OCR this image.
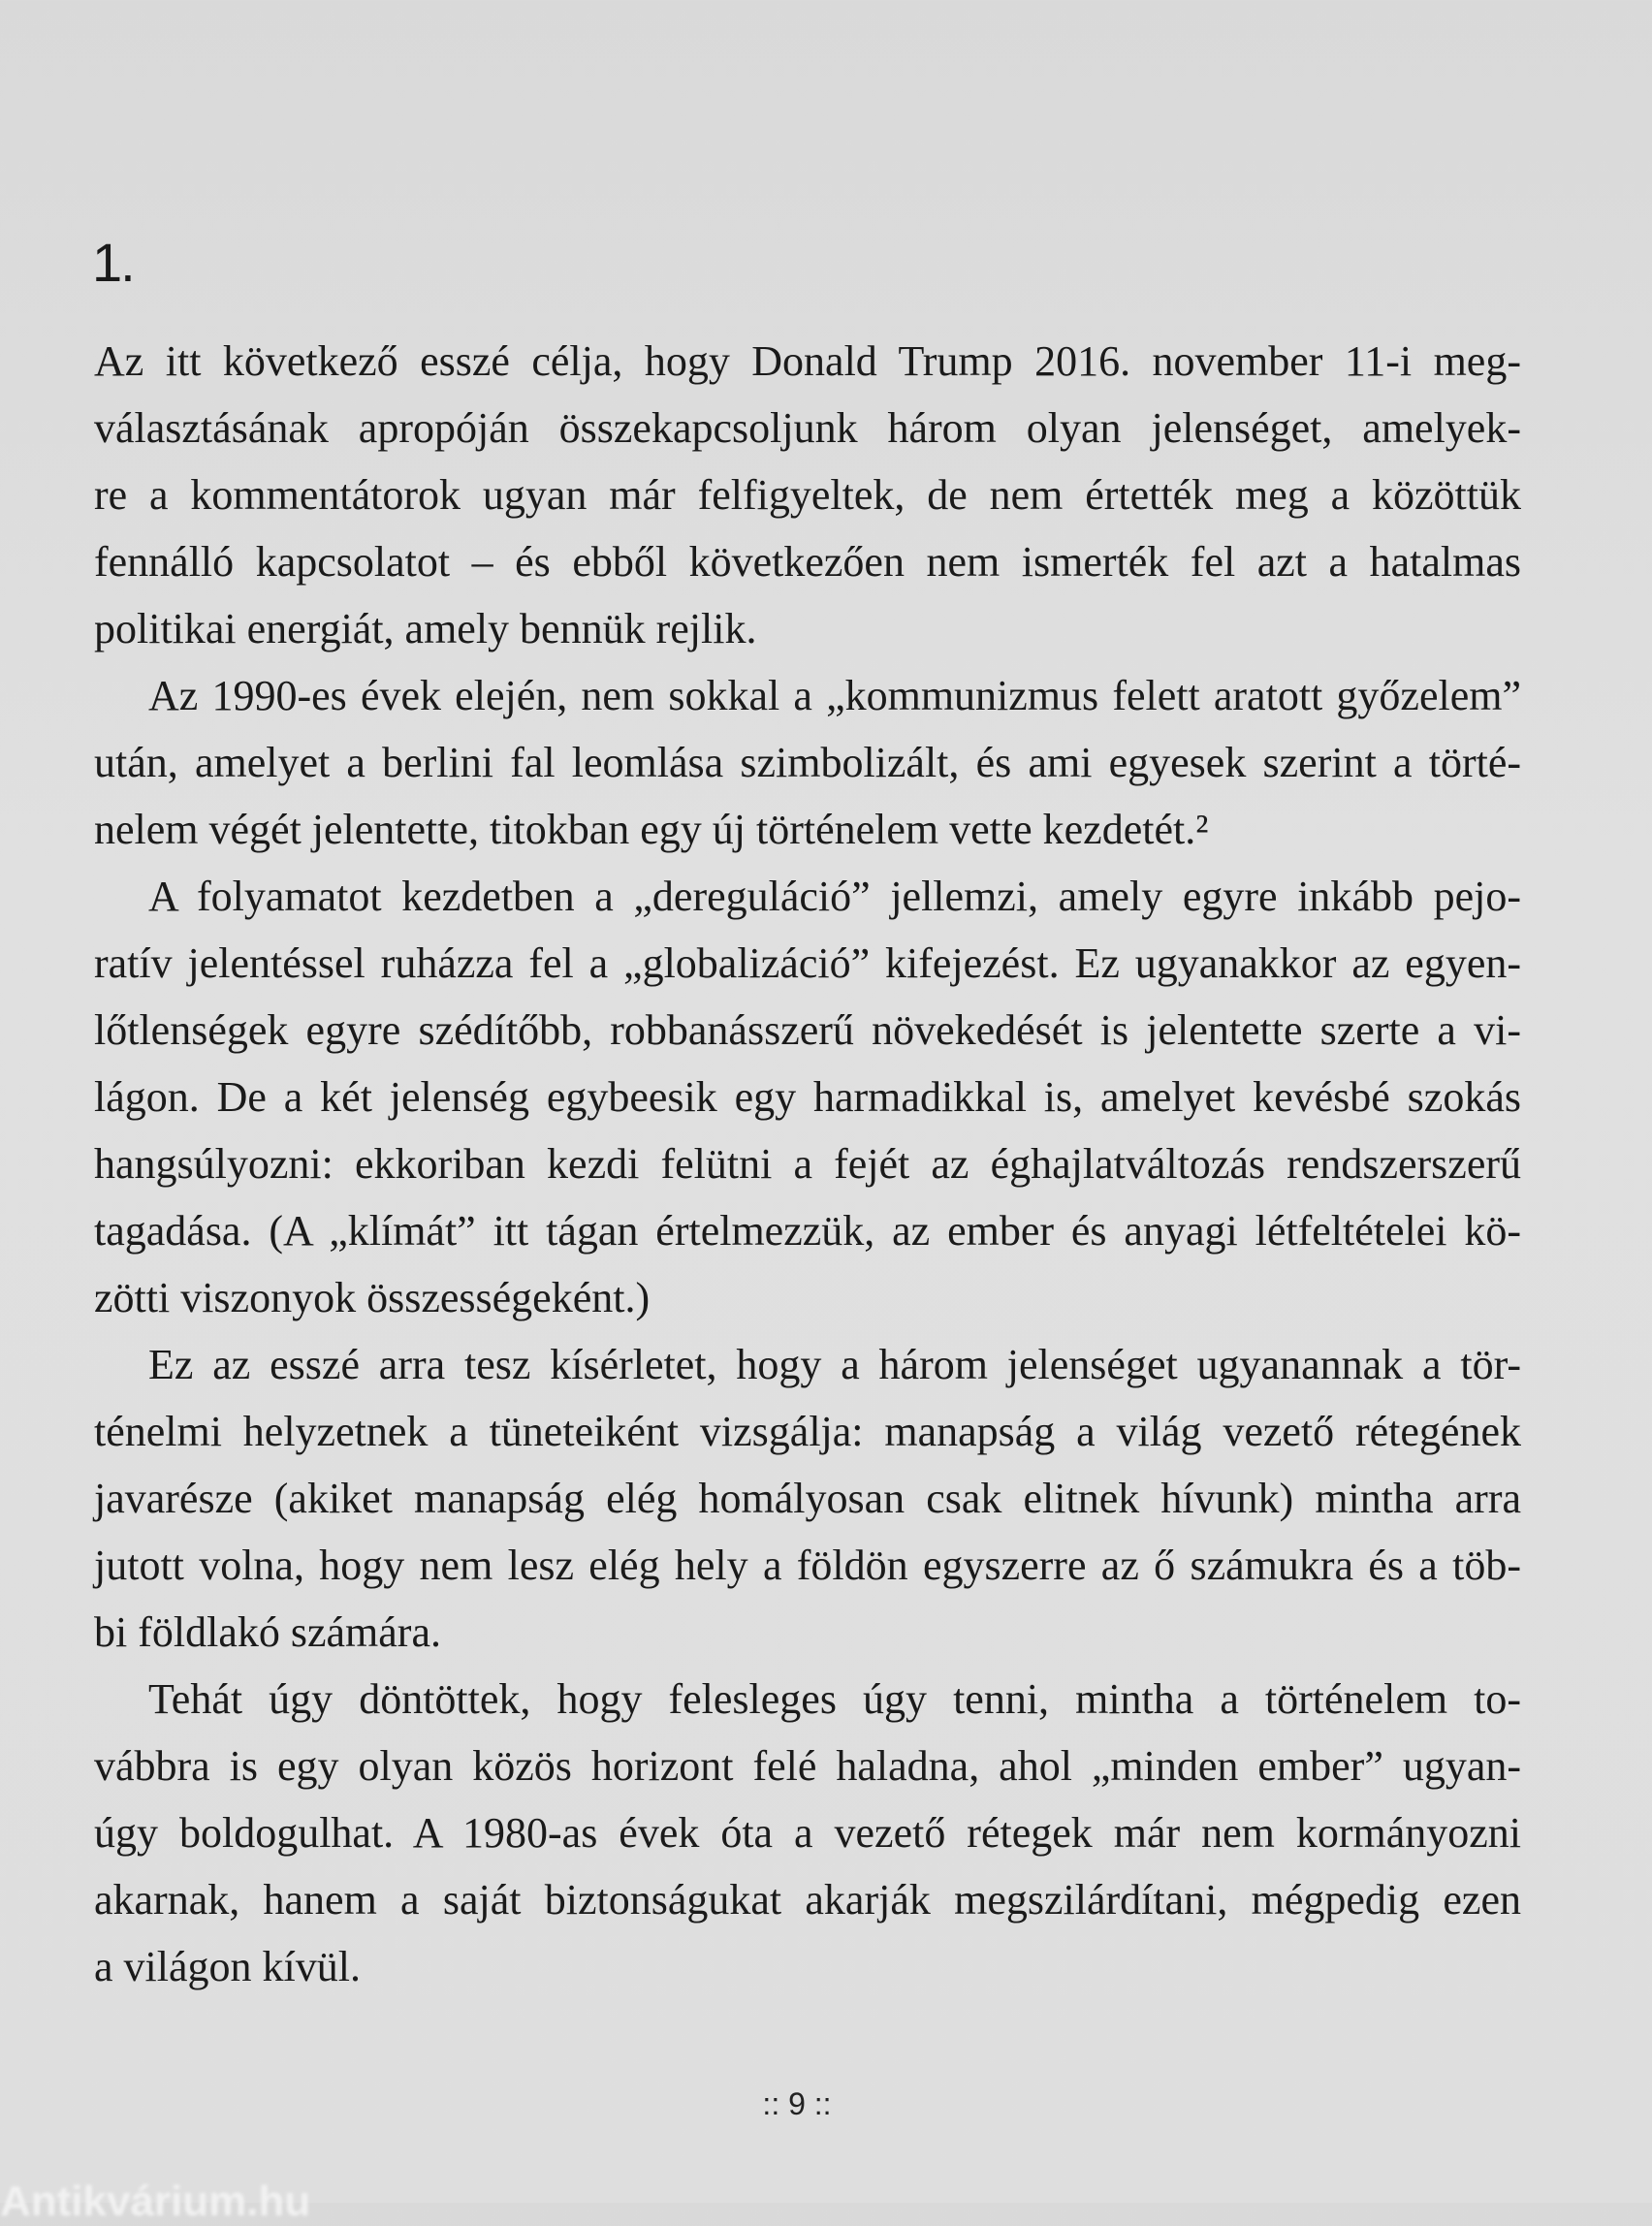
1.
Az itt következő esszé célja, hogy Donald Trump 2016. november 11-i meg-
választásának apropóján összekapcsoljunk három olyan jelenséget, amelyek-
re a kommentátorok ugyan már felfigyeltek, de nem értették meg a közöttük
fennálló kapcsolatot – és ebből következően nem ismerték fel azt a hatalmas
politikai energiát, amely bennük rejlik.
Az 1990-es évek elején, nem sokkal a „kommunizmus felett aratott győzelem”
után, amelyet a berlini fal leomlása szimbolizált, és ami egyesek szerint a törté-
nelem végét jelentette, titokban egy új történelem vette kezdetét.²
A folyamatot kezdetben a „dereguláció” jellemzi, amely egyre inkább pejo-
ratív jelentéssel ruházza fel a „globalizáció” kifejezést. Ez ugyanakkor az egyen-
lőtlenségek egyre szédítőbb, robbanásszerű növekedését is jelentette szerte a vi-
lágon. De a két jelenség egybeesik egy harmadikkal is, amelyet kevésbé szokás
hangsúlyozni: ekkoriban kezdi felütni a fejét az éghajlatváltozás rendszerszerű
tagadása. (A „klímát” itt tágan értelmezzük, az ember és anyagi létfeltételei kö-
zötti viszonyok összességeként.)
Ez az esszé arra tesz kísérletet, hogy a három jelenséget ugyanannak a tör-
ténelmi helyzetnek a tüneteiként vizsgálja: manapság a világ vezető rétegének
javarésze (akiket manapság elég homályosan csak elitnek hívunk) mintha arra
jutott volna, hogy nem lesz elég hely a földön egyszerre az ő számukra és a töb-
bi földlakó számára.
Tehát úgy döntöttek, hogy felesleges úgy tenni, mintha a történelem to-
vábbra is egy olyan közös horizont felé haladna, ahol „minden ember” ugyan-
úgy boldogulhat. A 1980-as évek óta a vezető rétegek már nem kormányozni
akarnak, hanem a saját biztonságukat akarják megszilárdítani, mégpedig ezen
a világon kívül.
:: 9 ::
Antikvárium.hu
